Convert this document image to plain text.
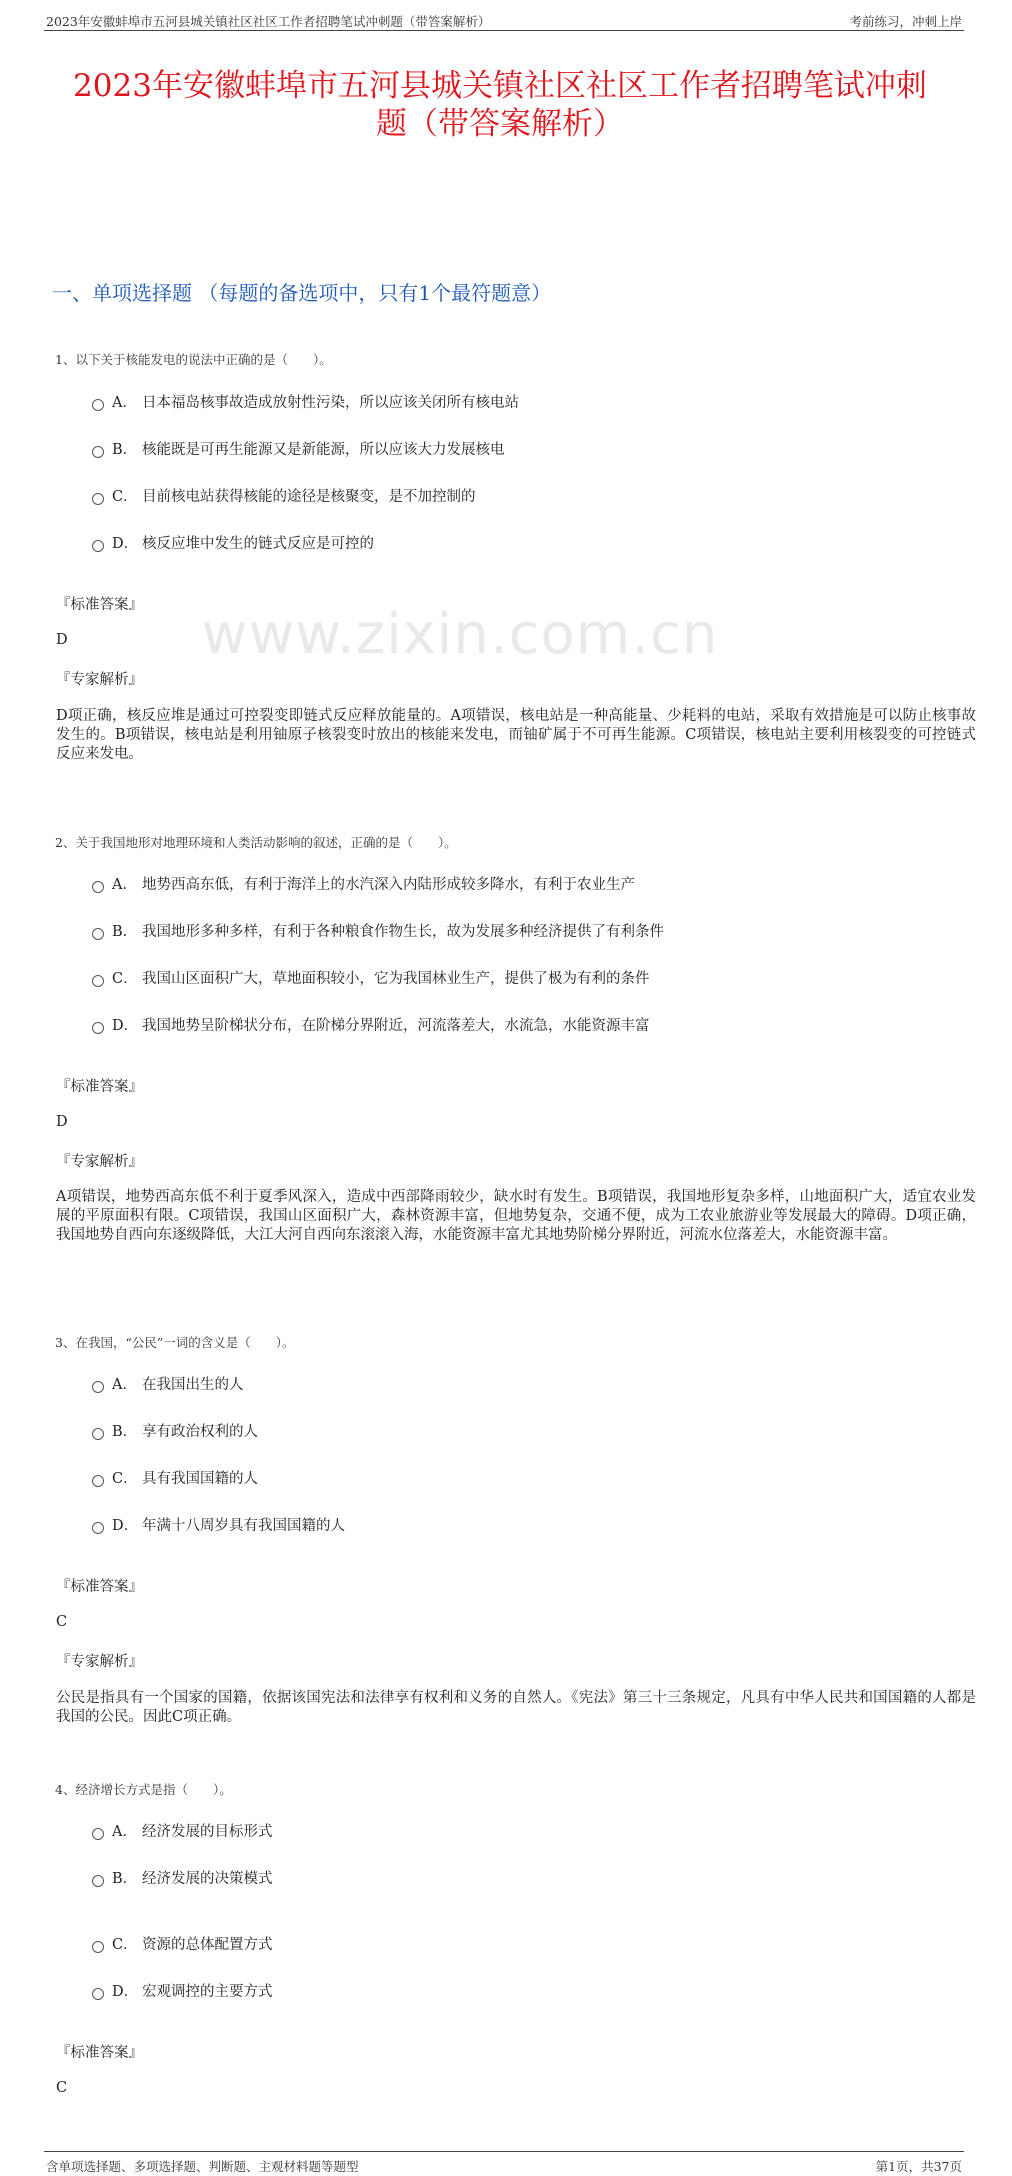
www.zixin.com.cn
2023年安徽蚌埠市五河县城关镇社区社区工作者招聘笔试冲刺题（带答案解析）	考前练习，冲刺上岸
2023年安徽蚌埠市五河县城关镇社区社区工作者招聘笔试冲刺
题（带答案解析）
一、单项选择题 （每题的备选项中，只有1个最符题意）
1、以下关于核能发电的说法中正确的是（　　）。
A． 日本福岛核事故造成放射性污染，所以应该关闭所有核电站
B． 核能既是可再生能源又是新能源，所以应该大力发展核电
C． 目前核电站获得核能的途径是核聚变，是不加控制的
D． 核反应堆中发生的链式反应是可控的
『标准答案』
D
『专家解析』
D项正确，核反应堆是通过可控裂变即链式反应释放能量的。A项错误，核电站是一种高能量、少耗料的电站，采取有效措施是可以防止核事故发生的。B项错误，核电站是利用铀原子核裂变时放出的核能来发电，而铀矿属于不可再生能源。C项错误，核电站主要利用核裂变的可控链式反应来发电。
2、关于我国地形对地理环境和人类活动影响的叙述，正确的是（　　）。
A． 地势西高东低，有利于海洋上的水汽深入内陆形成较多降水，有利于农业生产
B． 我国地形多种多样，有利于各种粮食作物生长，故为发展多种经济提供了有利条件
C． 我国山区面积广大，草地面积较小，它为我国林业生产，提供了极为有利的条件
D． 我国地势呈阶梯状分布，在阶梯分界附近，河流落差大，水流急，水能资源丰富
『标准答案』
D
『专家解析』
A项错误，地势西高东低不利于夏季风深入，造成中西部降雨较少，缺水时有发生。B项错误，我国地形复杂多样，山地面积广大，适宜农业发展的平原面积有限。C项错误，我国山区面积广大，森林资源丰富，但地势复杂，交通不便，成为工农业旅游业等发展最大的障碍。D项正确，我国地势自西向东逐级降低，大江大河自西向东滚滚入海，水能资源丰富尤其地势阶梯分界附近，河流水位落差大，水能资源丰富。
3、在我国，“公民”一词的含义是（　　）。
A． 在我国出生的人
B． 享有政治权利的人
C． 具有我国国籍的人
D． 年满十八周岁具有我国国籍的人
『标准答案』
C
『专家解析』
公民是指具有一个国家的国籍，依据该国宪法和法律享有权利和义务的自然人。《宪法》第三十三条规定，凡具有中华人民共和国国籍的人都是我国的公民。因此C项正确。
4、经济增长方式是指（　　）。
A． 经济发展的目标形式
B． 经济发展的决策模式
C． 资源的总体配置方式
D． 宏观调控的主要方式
『标准答案』
C
含单项选择题、多项选择题、判断题、主观材料题等题型	第1页，共37页
